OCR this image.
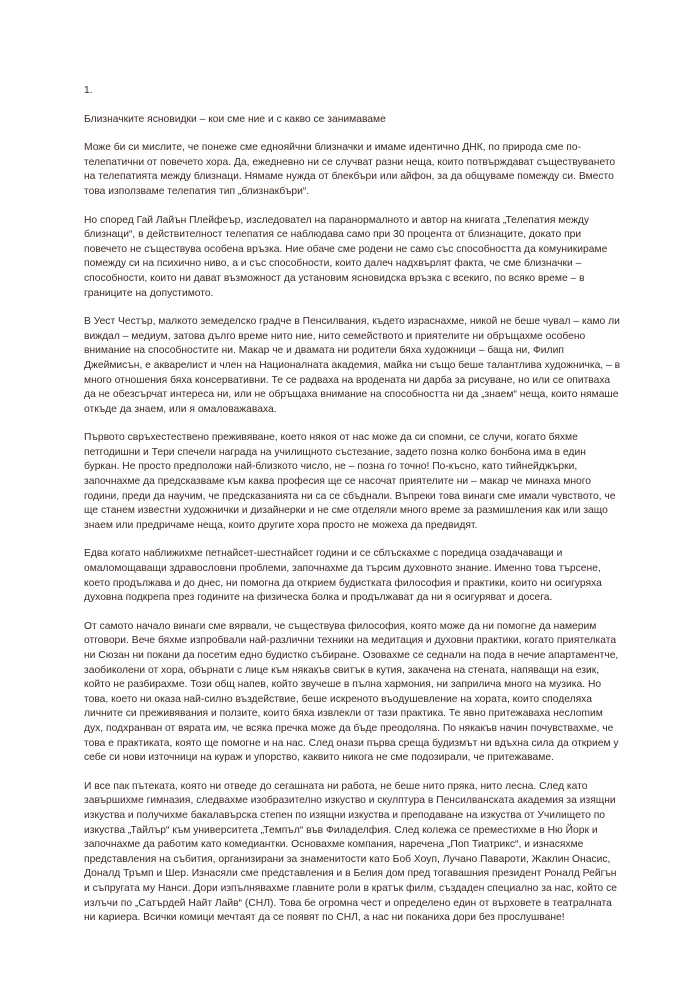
1.
Близначките ясновидки – кои сме ние и с какво се занимаваме

Може би си мислите, че понеже сме еднояйчни близначки и имаме идентично ДНК, по природа сме по-телепатични от повечето хора. Да, ежедневно ни се случват разни неща, които потвърждават съществуването на телепатията между близнаци. Нямаме нужда от блекбъри или айфон, за да общуваме помежду си. Вместо това използваме телепатия тип „близнакбъри“.

Но според Гай Лайън Плейфеър, изследовател на паранормалното и автор на книгата „Телепатия между близнаци“, в действителност телепатия се наблюдава само при 30 процента от близнаците, докато при повечето не съществува особена връзка. Ние обаче сме родени не само със способността да комуникираме помежду си на психично ниво, а и със способности, които далеч надхвърлят факта, че сме близначки – способности, които ни дават възможност да установим ясновидска връзка с всекиго, по всяко време – в границите на допустимото.

В Уест Честър, малкото земеделско градче в Пенсилвания, където израснахме, никой не беше чувал – камо ли виждал – медиум, затова дълго време нито ние, нито семейството и приятелите ни обръщахме особено внимание на способностите ни. Макар че и двамата ни родители бяха художници – баща ни, Филип Джеймисън, е акварелист и член на Националната академия, майка ни също беше талантлива художничка, – в много отношения бяха консервативни. Те се радваха на вродената ни дарба за рисуване, но или се опитваха да не обезсърчат интереса ни, или не обръщаха внимание на способността ни да „знаем“ неща, които нямаше откъде да знаем, или я омаловажаваха.

Първото свръхестествено преживяване, което някоя от нас може да си спомни, се случи, когато бяхме петгодишни и Тери спечели награда на училищното състезание, задето позна колко бонбона има в един буркан. Не просто предположи най-близкото число, не – позна го точно! По-късно, като тийнейджърки, започнахме да предсказваме към каква професия ще се насочат приятелите ни – макар че минаха много години, преди да научим, че предсказанията ни са се сбъднали. Въпреки това винаги сме имали чувството, че ще станем известни художнички и дизайнерки и не сме отделяли много време за размишления как или защо знаем или предричаме неща, които другите хора просто не можеха да предвидят.

Едва когато наближихме петнайсет-шестнайсет години и се сблъскахме с поредица озадачаващи и омаломощаващи здравословни проблеми, започнахме да търсим духовното знание. Именно това търсене, което продължава и до днес, ни помогна да открием будистката философия и практики, които ни осигуряха духовна подкрепа през годините на физическа болка и продължават да ни я осигуряват и досега.

От самото начало винаги сме вярвали, че съществува философия, която може да ни помогне да намерим отговори. Вече бяхме изпробвали най-различни техники на медитация и духовни практики, когато приятелката ни Сюзан ни покани да посетим едно будистко събиране. Озовахме се седнали на пода в нечие апартаментче, заобиколени от хора, обърнати с лице към някакъв свитък в кутия, закачена на стената, напяващи на език, който не разбирахме. Този общ напев, който звучеше в пълна хармония, ни заприлича много на музика. Но това, което ни оказа най-силно въздействие, беше искреното въодушевление на хората, които споделяха личните си преживявания и ползите, които бяха извлекли от тази практика. Те явно притежаваха неслomим дух, подхранван от вярата им, че всяка пречка може да бъде преодоляна. По някакъв начин почувствахме, че това е практиката, която ще помогне и на нас. След онази първа среща будизмът ни вдъхна сила да открием у себе си нови източници на кураж и упорство, каквито никога не сме подозирали, че притежаваме.

И все пак пътеката, която ни отведе до сегашната ни работа, не беше нито пряка, нито лесна. След като завършихме гимназия, следвахме изобразително изкуство и скулптура в Пенсилванската академия за изящни изкуства и получихме бакалавърска степен по изящни изкуства и преподаване на изкуства от Училището по изкуства „Тайлър“ към университета „Темпъл“ във Филаделфия. След колежа се преместихме в Ню Йорк и започнахме да работим като комедиантки. Основахме компания, наречена „Поп Тиатрикс“, и изнасяхме представления на събития, организирани за знаменитости като Боб Хоуп, Лучано Павароти, Жаклин Онасис, Доналд Тръмп и Шер. Изнасяли сме представления и в Белия дом пред тогавашния президент Роналд Рейгън и съпругата му Нанси. Дори изпълнявахме главните роли в кратък филм, създаден специално за нас, който се излъчи по „Сатърдей Найт Лайв“ (СНЛ). Това бе огромна чест и определено един от върховете в театралната ни кариера. Всички комици мечтаят да се появят по СНЛ, а нас ни поканиха дори без прослушване!
